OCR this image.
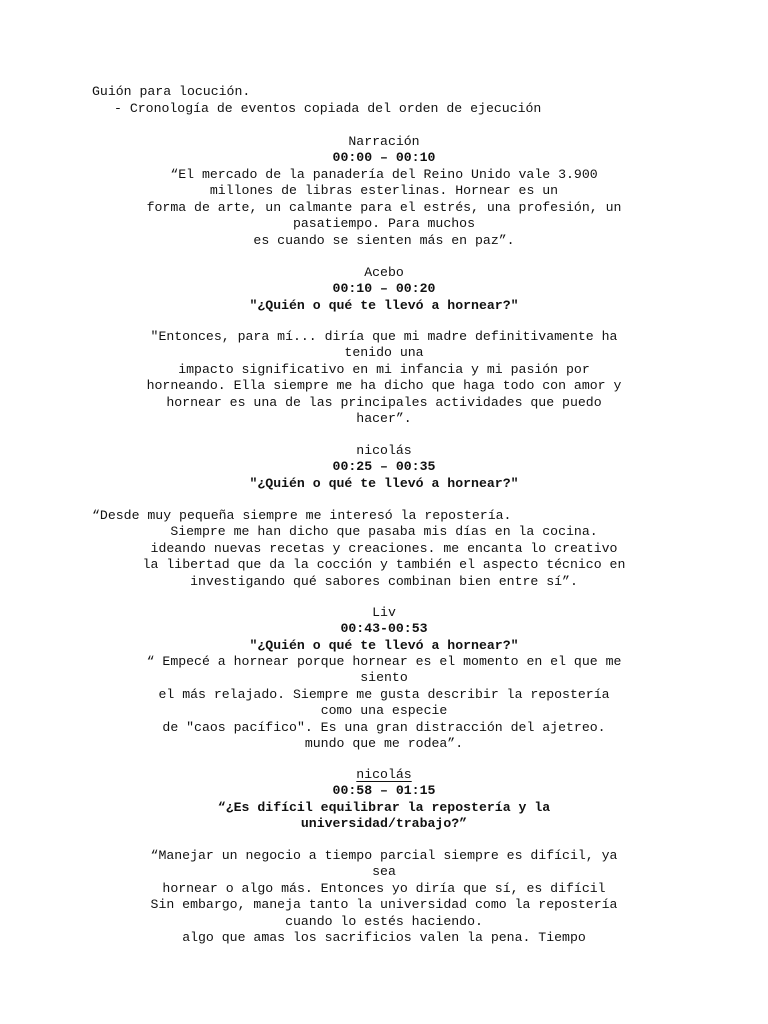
Guión para locución.
- Cronología de eventos copiada del orden de ejecución
Narración
00:00 – 00:10
“El mercado de la panadería del Reino Unido vale 3.900
millones de libras esterlinas. Hornear es un
forma de arte, un calmante para el estrés, una profesión, un
pasatiempo. Para muchos
es cuando se sienten más en paz”.
Acebo
00:10 – 00:20
"¿Quién o qué te llevó a hornear?"
"Entonces, para mí... diría que mi madre definitivamente ha
tenido una
impacto significativo en mi infancia y mi pasión por
horneando. Ella siempre me ha dicho que haga todo con amor y
hornear es una de las principales actividades que puedo
hacer”.
nicolás
00:25 – 00:35
"¿Quién o qué te llevó a hornear?"
“Desde muy pequeña siempre me interesó la repostería.
Siempre me han dicho que pasaba mis días en la cocina.
ideando nuevas recetas y creaciones. me encanta lo creativo
la libertad que da la cocción y también el aspecto técnico en
investigando qué sabores combinan bien entre sí”.
Liv
00:43-00:53
"¿Quién o qué te llevó a hornear?"
“ Empecé a hornear porque hornear es el momento en el que me
siento
el más relajado. Siempre me gusta describir la repostería
como una especie
de "caos pacífico". Es una gran distracción del ajetreo.
mundo que me rodea”.
nicolás
00:58 – 01:15
“¿Es difícil equilibrar la repostería y la
universidad/trabajo?”
“Manejar un negocio a tiempo parcial siempre es difícil, ya
sea
hornear o algo más. Entonces yo diría que sí, es difícil
Sin embargo, maneja tanto la universidad como la repostería
cuando lo estés haciendo.
algo que amas los sacrificios valen la pena. Tiempo
